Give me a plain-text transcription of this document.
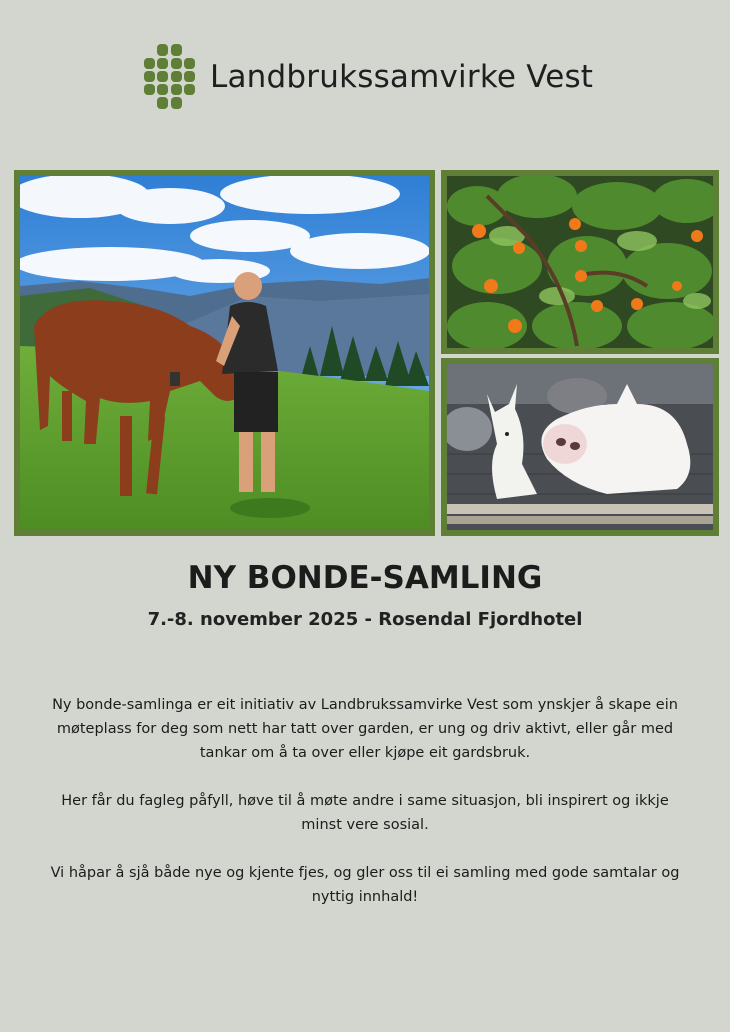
Landbrukssamvirke Vest
NY BONDE-SAMLING
7.-8. november 2025 - Rosendal Fjordhotel

Ny bonde-samlinga er eit initiativ av Landbrukssamvirke Vest som ynskjer å skape ein møteplass for deg som nett har tatt over garden, er ung og driv aktivt, eller går med tankar om å ta over eller kjøpe eit gardsbruk.

Her får du fagleg påfyll, høve til å møte andre i same situasjon, bli inspirert og ikkje minst vere sosial.

Vi håpar å sjå både nye og kjente fjes, og gler oss til ei samling med gode samtalar og nyttig innhald!
